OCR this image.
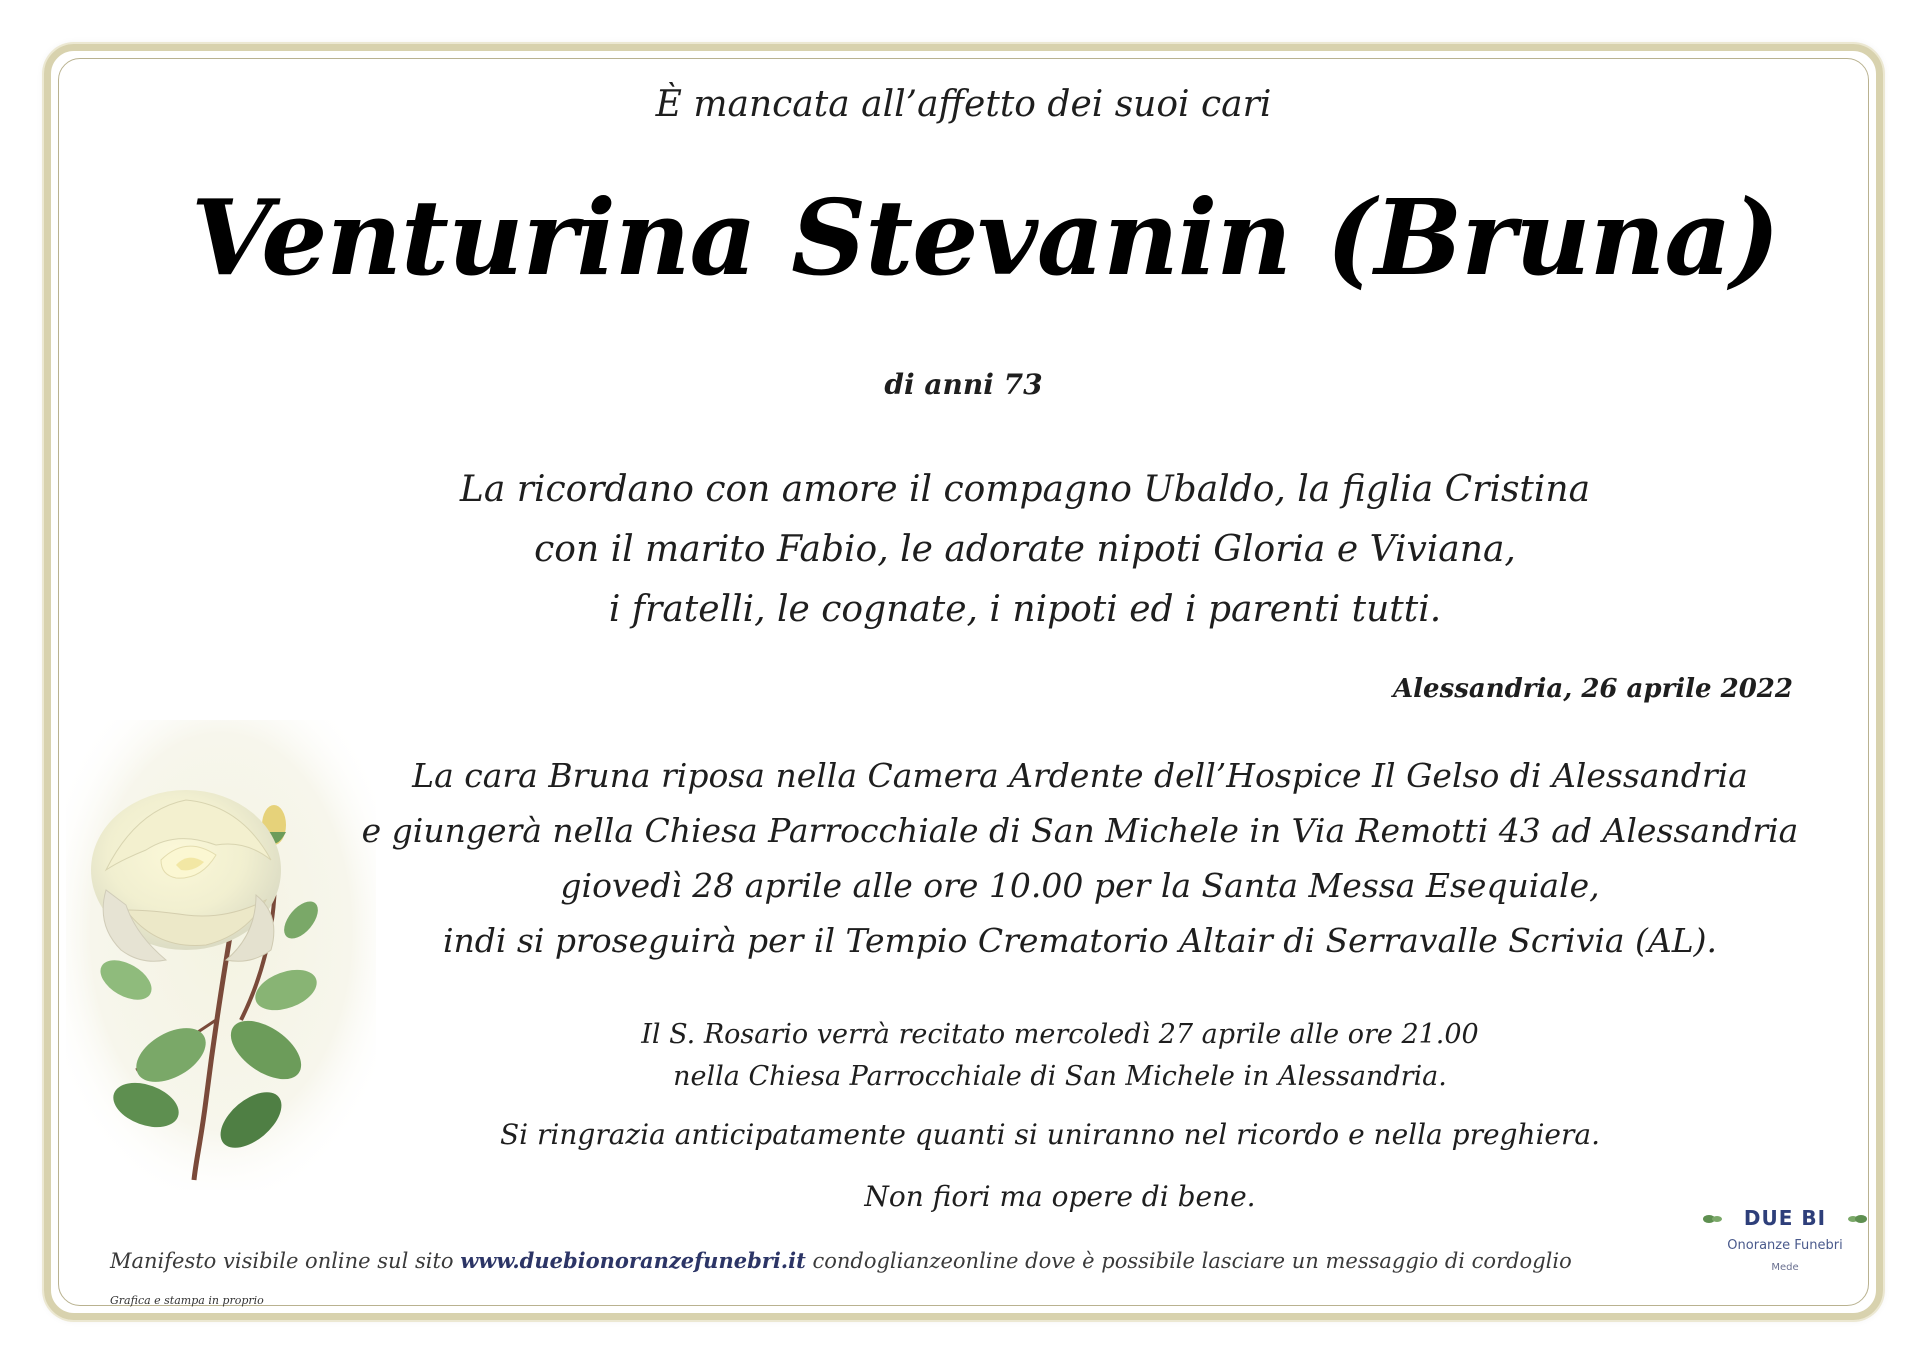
È mancata all’affetto dei suoi cari
Venturina Stevanin (Bruna)
di anni 73
La ricordano con amore il compagno Ubaldo, la figlia Cristina
con il marito Fabio, le adorate nipoti Gloria e Viviana,
i fratelli, le cognate, i nipoti ed i parenti tutti.
Alessandria, 26 aprile 2022
La cara Bruna riposa nella Camera Ardente dell’Hospice Il Gelso di Alessandria
e giungerà nella Chiesa Parrocchiale di San Michele in Via Remotti 43 ad Alessandria
giovedì 28 aprile alle ore 10.00 per la Santa Messa Esequiale,
indi si proseguirà per il Tempio Crematorio Altair di Serravalle Scrivia (AL).
Il S. Rosario verrà recitato mercoledì 27 aprile alle ore 21.00
nella Chiesa Parrocchiale di San Michele in Alessandria.
Si ringrazia anticipatamente quanti si uniranno nel ricordo e nella preghiera.
Non fiori ma opere di bene.
Manifesto visibile online sul sito www.duebionoranzefunebri.it condoglianzeonline dove è possibile lasciare un messaggio di cordoglio
Grafica e stampa in proprio
DUE BI
Onoranze Funebri
Mede
